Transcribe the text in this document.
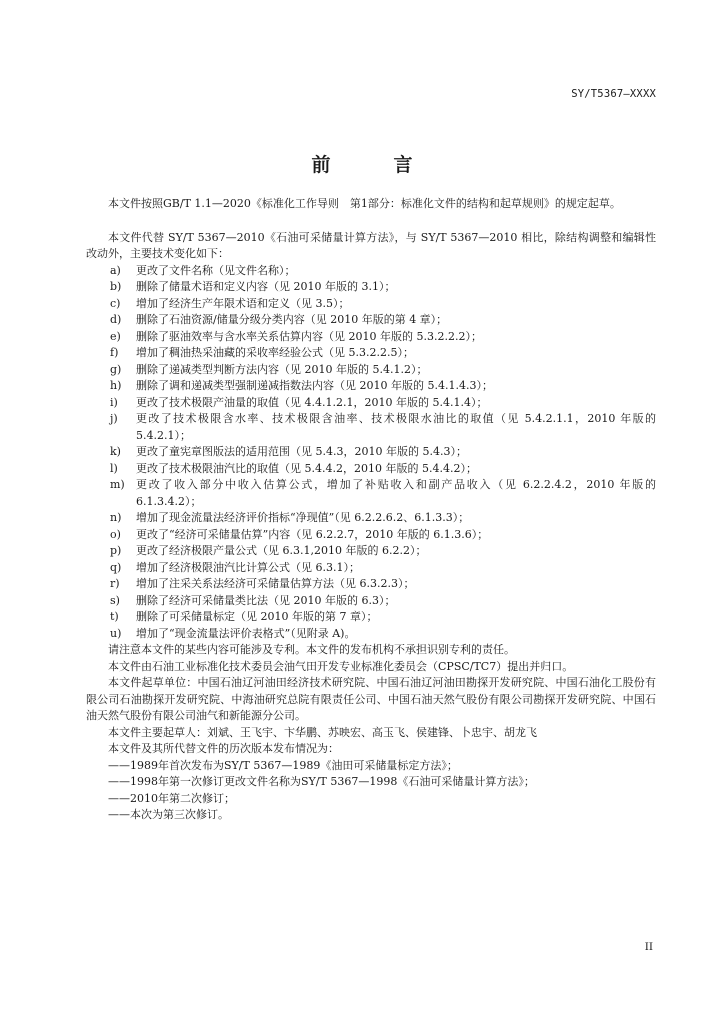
SY/T5367—XXXX
前　言

本文件按照GB/T 1.1—2020《标准化工作导则　第1部分：标准化文件的结构和起草规则》的规定起草。

本文件代替 SY/T 5367—2010《石油可采储量计算方法》，与 SY/T 5367—2010 相比，除结构调整和编辑性改动外，主要技术变化如下：

a)	更改了文件名称（见文件名称）；
b)	删除了储量术语和定义内容（见 2010 年版的 3.1）；
c)	增加了经济生产年限术语和定义（见 3.5）；
d)	删除了石油资源/储量分级分类内容（见 2010 年版的第 4 章）；
e)	删除了驱油效率与含水率关系估算内容（见 2010 年版的 5.3.2.2.2）；
f)	增加了稠油热采油藏的采收率经验公式（见 5.3.2.2.5）；
g)	删除了递减类型判断方法内容（见 2010 年版的 5.4.1.2）；
h)	删除了调和递减类型强制递减指数法内容（见 2010 年版的 5.4.1.4.3）；
i)	更改了技术极限产油量的取值（见 4.4.1.2.1，2010 年版的 5.4.1.4）；
j)	更改了技术极限含水率、技术极限含油率、技术极限水油比的取值（见 5.4.2.1.1，2010 年版的 5.4.2.1）；
k)	更改了童宪章图版法的适用范围（见 5.4.3，2010 年版的 5.4.3）；
l)	更改了技术极限油汽比的取值（见 5.4.4.2，2010 年版的 5.4.4.2）；
m)	更改了收入部分中收入估算公式，增加了补贴收入和副产品收入（见 6.2.2.4.2，2010 年版的 6.1.3.4.2）；
n)	增加了现金流量法经济评价指标“净现值”（见 6.2.2.6.2、6.1.3.3）；
o)	更改了“经济可采储量估算”内容（见 6.2.2.7，2010 年版的 6.1.3.6）；
p)	更改了经济极限产量公式（见 6.3.1,2010 年版的 6.2.2）；
q)	增加了经济极限油汽比计算公式（见 6.3.1）；
r)	增加了注采关系法经济可采储量估算方法（见 6.3.2.3）；
s)	删除了经济可采储量类比法（见 2010 年版的 6.3）；
t)	删除了可采储量标定（见 2010 年版的第 7 章）；
u)	增加了“现金流量法评价表格式”（见附录 A)。

请注意本文件的某些内容可能涉及专利。本文件的发布机构不承担识别专利的责任。

本文件由石油工业标准化技术委员会油气田开发专业标准化委员会（CPSC/TC7）提出并归口。

本文件起草单位：中国石油辽河油田经济技术研究院、中国石油辽河油田勘探开发研究院、中国石油化工股份有限公司石油勘探开发研究院、中海油研究总院有限责任公司、中国石油天然气股份有限公司勘探开发研究院、中国石油天然气股份有限公司油气和新能源分公司。

本文件主要起草人：刘斌、王飞宇、卞华鹏、苏映宏、高玉飞、侯建锋、卜忠宇、胡龙飞

本文件及其所代替文件的历次版本发布情况为：

——1989年首次发布为SY/T 5367—1989《油田可采储量标定方法》；

——1998年第一次修订更改文件名称为SY/T 5367—1998《石油可采储量计算方法》；

——2010年第二次修订；

——本次为第三次修订。

II
